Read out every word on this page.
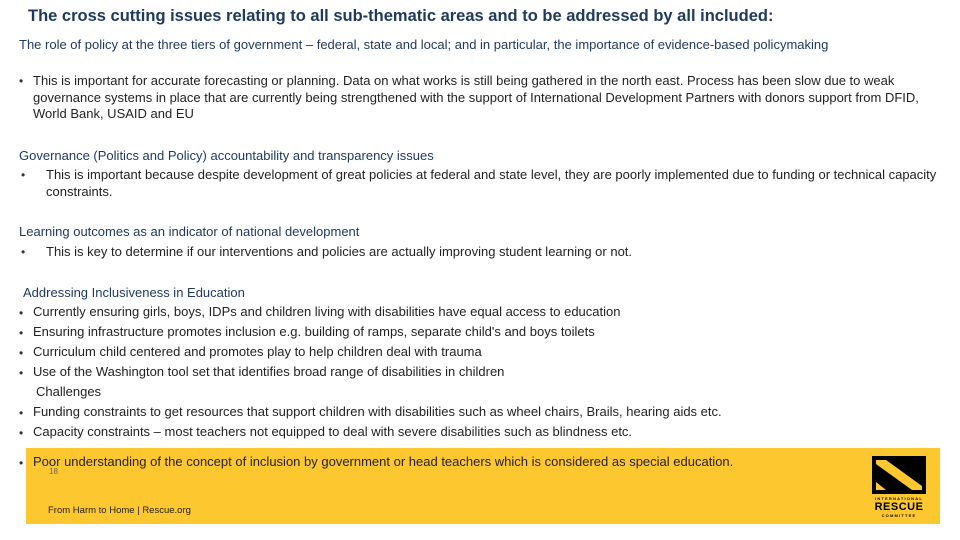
The cross cutting issues relating to all sub-thematic areas and to be addressed by all included:
The role of policy at the three tiers of government – federal, state and local; and in particular, the importance of evidence-based policymaking
• This is important for accurate forecasting or planning. Data on what works is still being gathered in the north east. Process has been slow due to weak governance systems in place that are currently being strengthened with the support of International Development Partners with donors support from DFID, World Bank, USAID and EU
Governance (Politics and Policy) accountability and transparency issues
• This is important because despite development of great policies at federal and state level, they are poorly implemented due to funding or technical capacity constraints.
Learning outcomes as an indicator of national development
• This is key to determine if our interventions and policies are actually improving student learning or not.
Addressing Inclusiveness in Education
• Currently ensuring girls, boys, IDPs and children living with disabilities have equal access to education
• Ensuring infrastructure promotes inclusion e.g. building of ramps, separate child's and boys toilets
• Curriculum child centered and promotes play to help children deal with trauma
• Use of the Washington tool set that identifies broad range of disabilities in children
Challenges
• Funding constraints to get resources that support children with disabilities such as wheel chairs, Brails, hearing aids etc.
• Capacity constraints – most teachers not equipped to deal with severe disabilities such as blindness etc.
• Poor understanding of the concept of inclusion by government or head teachers which is considered as special education.
18
From Harm to Home | Rescue.org
INTERNATIONAL
RESCUE
COMMITTEE
